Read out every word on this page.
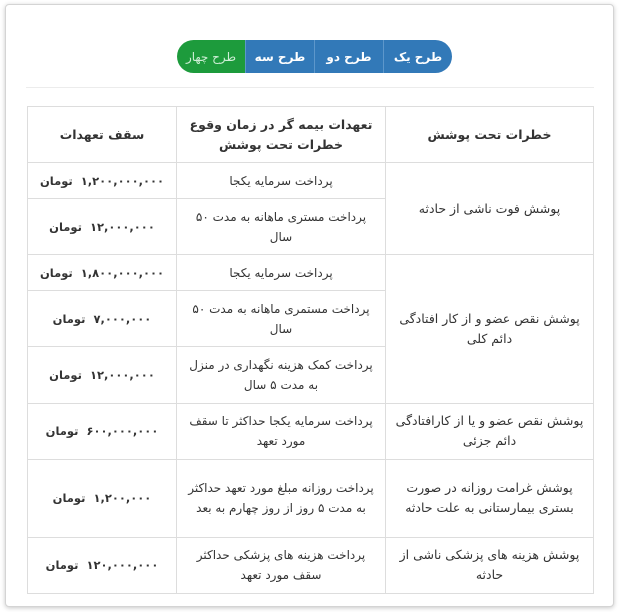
طرح یک
طرح دو
طرح سه
طرح چهار
خطرات تحت پوشش	تعهدات بیمه گر در زمان وقوع خطرات تحت پوشش	سقف تعهدات
پوشش فوت ناشی از حادثه	پرداخت سرمایه یکجا	۱,۲۰۰,۰۰۰,۰۰۰تومان
	پرداخت مستری ماهانه به مدت ۵۰ سال	۱۲,۰۰۰,۰۰۰تومان
پوشش نقص عضو و از کار افتادگی دائم کلی	پرداخت سرمایه یکجا	۱,۸۰۰,۰۰۰,۰۰۰تومان
	پرداخت مستمری ماهانه به مدت ۵۰ سال	۷,۰۰۰,۰۰۰تومان
	پرداخت کمک هزینه نگهداری در منزل به مدت ۵ سال	۱۲,۰۰۰,۰۰۰تومان
پوشش نقص عضو و یا از کارافتادگی دائم جزئی	پرداخت سرمایه یکجا حداکثر تا سقف مورد تعهد	۶۰۰,۰۰۰,۰۰۰تومان
پوشش غرامت روزانه در صورت بستری بیمارستانی به علت حادثه	پرداخت روزانه مبلغ مورد تعهد حداکثر به مدت ۵ روز از روز چهارم به بعد	۱,۲۰۰,۰۰۰تومان
پوشش هزینه های پزشکی ناشی از حادثه	پرداخت هزینه های پزشکی حداکثر سقف مورد تعهد	۱۲۰,۰۰۰,۰۰۰تومان
